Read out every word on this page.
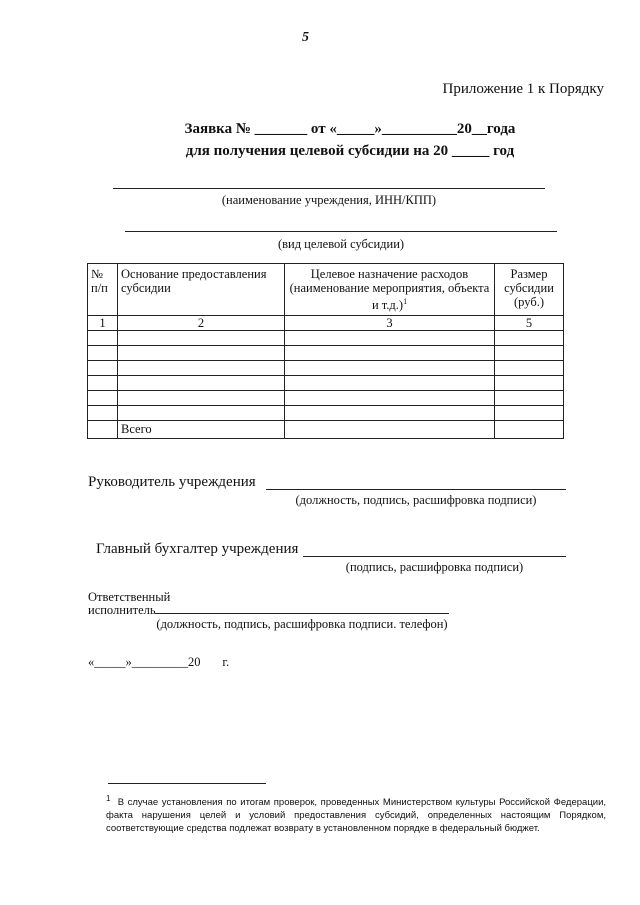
5
Приложение 1 к Порядку
Заявка № _______ от «_____»__________20__года
для получения целевой субсидии на 20 _____ год
(наименование учреждения, ИНН/КПП)
(вид целевой субсидии)
№ п/п	Основание предоставления субсидии	Целевое назначение расходов (наименование мероприятия, объекта и т.д.)$^1$	Размер субсидии (руб.)
1	2	3	5

	Всего		
Руководитель учреждения
(должность, подпись, расшифровка подписи)
Главный бухгалтер учреждения
(подпись, расшифровка подписи)
Ответственный
исполнитель
(должность, подпись, расшифровка подписи. телефон)
«_____»_________20       г.
$^1$ В случае установления по итогам проверок, проведенных Министерством культуры Российской Федерации, факта нарушения целей и условий предоставления субсидий, определенных настоящим Порядком, соответствующие средства подлежат возврату в установленном порядке в федеральный бюджет.
